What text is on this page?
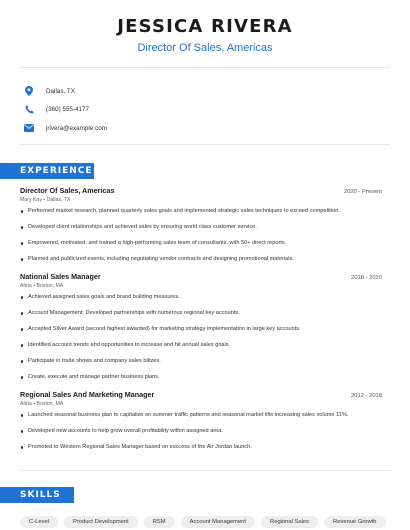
JESSICA RIVERA
Director Of Sales, Americas
Dallas, TX
(360) 555-4177
jrivera@example.com
EXPERIENCE
Director Of Sales, Americas	2020 - Present
Mary Kay • Dallas, TX
Performed market research, planned quarterly sales goals and implemented strategic sales techniques to exceed competition.
Developed client relationships and achieved sales by ensuring world class customer service.
Empowered, motivated, and trained a high-performing sales team of consultants, with 50+ direct reports.
Planned and publicized events, including negotiating vendor contracts and designing promotional materials.
National Sales Manager	2018 - 2020
Altria • Boston, MA
Achieved assigned sales goals and brand building measures.
Account Management: Developed partnerships with numerous regional key accounts.
Accepted Silver Award (second highest awarded) for marketing strategy implementation in large key accounts.
Identified account trends and opportunities to increase and hit annual sales goals.
Participate in trade shows and company sales blitzes.
Create, execute and manage partner business plans.
Regional Sales And Marketing Manager	2012 - 2018
Altria • Boston, MA
Launched seasonal business plan to capitalize on summer traffic patterns and seasonal market lifts increasing sales volume 11%.
Developed new accounts to help grow overall profitability within assigned area.
Promoted to Western Regional Sales Manager based on success of the Air Jordan launch.
SKILLS
C-Level	Product Development	RSM	Account Management	Regional Sales	Revenue Growth
